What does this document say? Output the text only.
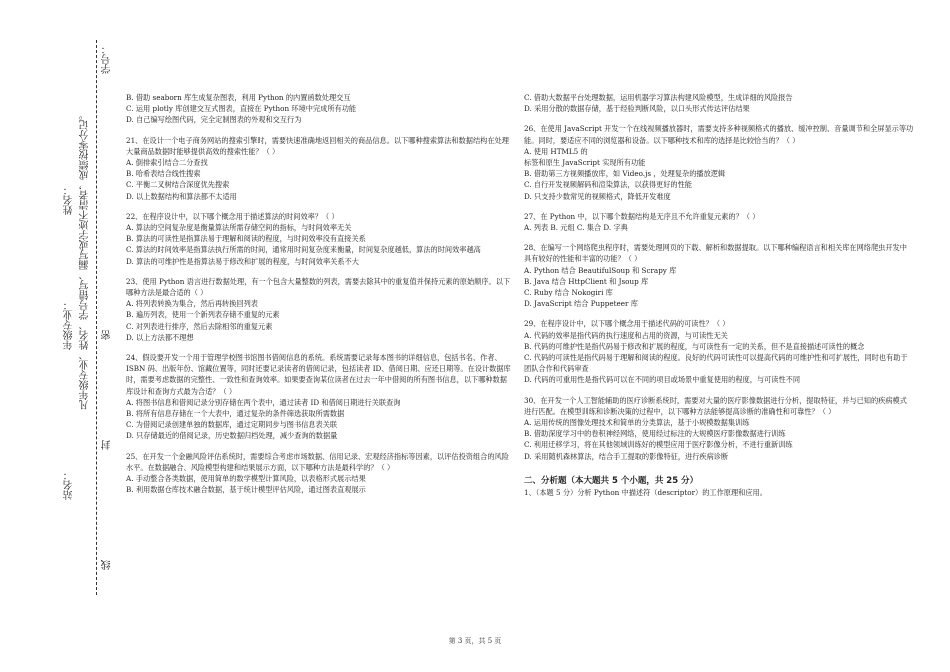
学号：
姓名：
年级专业：
站名：
凡年级专业、姓名、学号错写、漏写或字迹不清者，成绩按零分记。 密
封
线

B. 借助 seaborn 库生成复杂图表，利用 Python 的内置函数处理交互

C. 运用 plotly 库创建交互式图表，直接在 Python 环境中完成所有功能

D. 自己编写绘图代码，完全定制图表的外观和交互行为

21、在设计一个电子商务网站的搜索引擎时，需要快速准确地返回相关的商品信息。以下哪种搜索算法和数据结构在处理大量商品数据时能够提供高效的搜索性能？（ ）

A. 倒排索引结合二分查找

B. 哈希表结合线性搜索

C. 平衡二叉树结合深度优先搜索

D. 以上数据结构和算法都不太适用

22、在程序设计中，以下哪个概念用于描述算法的时间效率？（ ）

A. 算法的空间复杂度是衡量算法所需存储空间的指标，与时间效率无关

B. 算法的可读性是指算法易于理解和阅读的程度，与时间效率没有直接关系

C. 算法的时间效率是指算法执行所需的时间，通常用时间复杂度来衡量，时间复杂度越低，算法的时间效率越高

D. 算法的可维护性是指算法易于修改和扩展的程度，与时间效率关系不大

23、使用 Python 语言进行数据处理，有一个包含大量整数的列表，需要去除其中的重复值并保持元素的原始顺序。以下哪种方法是最合适的（ ）

A. 将列表转换为集合，然后再转换回列表

B. 遍历列表，使用一个新列表存储不重复的元素

C. 对列表进行排序，然后去除相邻的重复元素

D. 以上方法都不理想

24、假设要开发一个用于管理学校图书馆图书借阅信息的系统。系统需要记录每本图书的详细信息，包括书名、作者、ISBN 码、出版年份、馆藏位置等，同时还要记录读者的借阅记录，包括读者 ID、借阅日期、应还日期等。在设计数据库时，需要考虑数据的完整性、一致性和查询效率。如果要查询某位读者在过去一年中借阅的所有图书信息，以下哪种数据库设计和查询方式最为合适？（ ）

A. 将图书信息和借阅记录分别存储在两个表中，通过读者 ID 和借阅日期进行关联查询

B. 将所有信息存储在一个大表中，通过复杂的条件筛选获取所需数据

C. 为借阅记录创建单独的数据库，通过定期同步与图书信息表关联

D. 只存储最近的借阅记录，历史数据归档处理，减少查询的数据量

25、在开发一个金融风险评估系统时，需要综合考虑市场数据、信用记录、宏观经济指标等因素，以评估投资组合的风险水平。在数据融合、风险模型构建和结果展示方面，以下哪种方法是最科学的？（ ）

A. 手动整合各类数据，使用简单的数学模型计算风险，以表格形式展示结果

B. 利用数据仓库技术融合数据，基于统计模型评估风险，通过图表直观展示

C. 借助大数据平台处理数据，运用机器学习算法构建风险模型，生成详细的风险报告

D. 采用分散的数据存储，基于经验判断风险，以口头形式传达评估结果

26、在使用 JavaScript 开发一个在线视频播放器时，需要支持多种视频格式的播放、缓冲控制、音量调节和全屏显示等功能。同时，要适应不同的浏览器和设备。以下哪种技术和库的选择是比较恰当的？（ ）

A. 使用 HTML5 的

标签和原生 JavaScript 实现所有功能

B. 借助第三方视频播放库，如 Video.js ，处理复杂的播放逻辑

C. 自行开发视频解码和渲染算法，以获得更好的性能

D. 只支持少数常见的视频格式，降低开发难度

27、在 Python 中，以下哪个数据结构是无序且不允许重复元素的？（ ）

A. 列表 B. 元组 C. 集合 D. 字典

28、在编写一个网络爬虫程序时，需要处理网页的下载、解析和数据提取。以下哪种编程语言和相关库在网络爬虫开发中具有较好的性能和丰富的功能？（ ）

A. Python 结合 BeautifulSoup 和 Scrapy 库

B. Java 结合 HttpClient 和 Jsoup 库

C. Ruby 结合 Nokogiri 库

D. JavaScript 结合 Puppeteer 库

29、在程序设计中，以下哪个概念用于描述代码的可读性？（ ）

A. 代码的效率是指代码的执行速度和占用的资源，与可读性无关

B. 代码的可维护性是指代码易于修改和扩展的程度，与可读性有一定的关系，但不是直接描述可读性的概念

C. 代码的可读性是指代码易于理解和阅读的程度。良好的代码可读性可以提高代码的可维护性和可扩展性，同时也有助于团队合作和代码审查

D. 代码的可重用性是指代码可以在不同的项目或场景中重复使用的程度，与可读性不同

30、在开发一个人工智能辅助的医疗诊断系统时，需要对大量的医疗影像数据进行分析，提取特征，并与已知的疾病模式进行匹配。在模型训练和诊断决策的过程中，以下哪种方法能够提高诊断的准确性和可靠性？（ ）

A. 运用传统的图像处理技术和简单的分类算法，基于小规模数据集训练

B. 借助深度学习中的卷积神经网络，使用经过标注的大规模医疗影像数据进行训练

C. 利用迁移学习，将在其他领域训练好的模型应用于医疗影像分析，不进行重新训练

D. 采用随机森林算法，结合手工提取的影像特征，进行疾病诊断

二、分析题（本大题共 5 个小题，共 25 分）

1、（本题 5 分）分析 Python 中描述符（descriptor）的工作原理和应用。

第 3 页，共 5 页
